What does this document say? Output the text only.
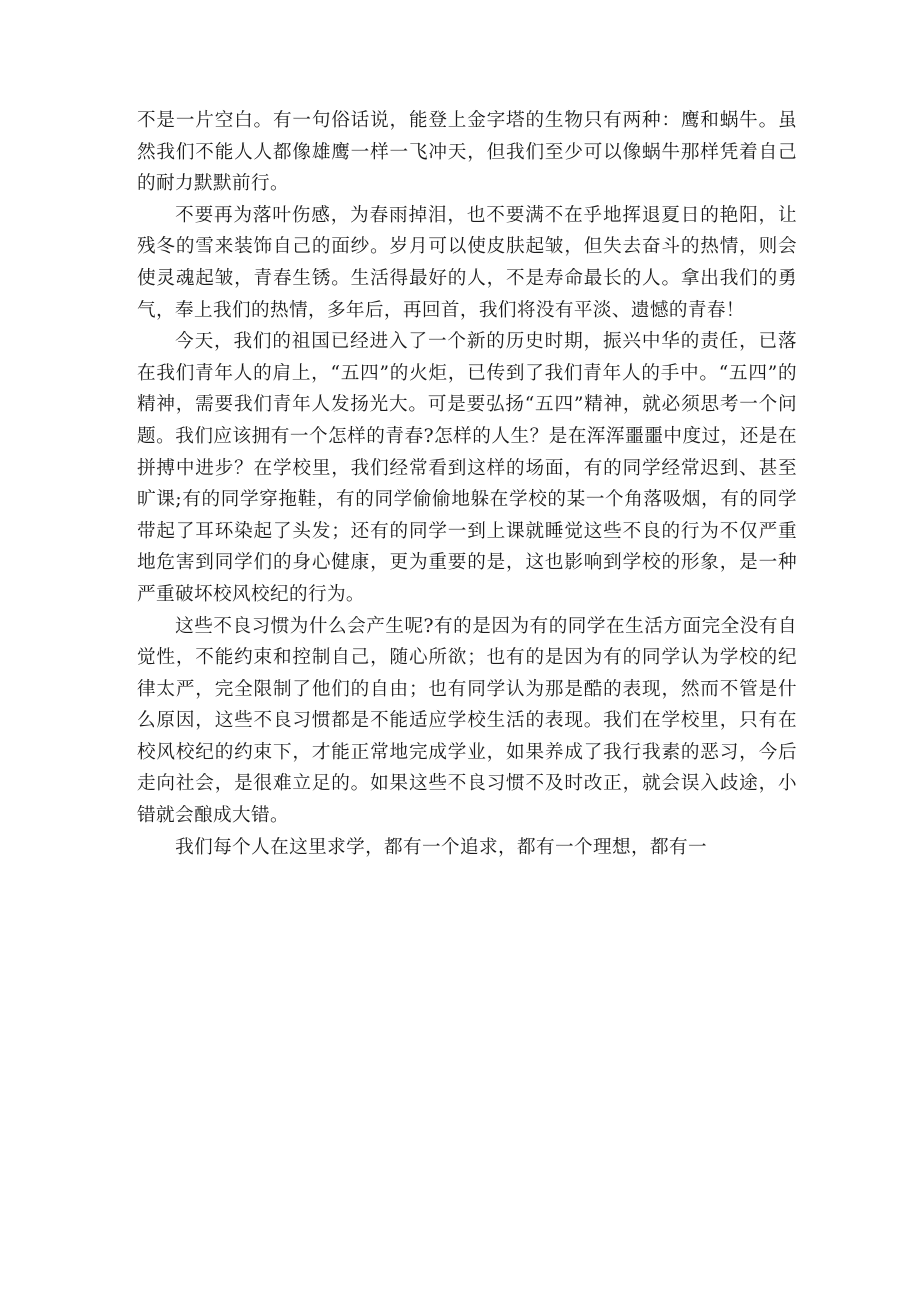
不是一片空白。有一句俗话说，能登上金字塔的生物只有两种：鹰和蜗牛。虽然我们不能人人都像雄鹰一样一飞冲天，但我们至少可以像蜗牛那样凭着自己的耐力默默前行。

不要再为落叶伤感，为春雨掉泪，也不要满不在乎地挥退夏日的艳阳，让残冬的雪来装饰自己的面纱。岁月可以使皮肤起皱，但失去奋斗的热情，则会使灵魂起皱，青春生锈。生活得最好的人，不是寿命最长的人。拿出我们的勇气，奉上我们的热情，多年后，再回首，我们将没有平淡、遗憾的青春！

今天，我们的祖国已经进入了一个新的历史时期，振兴中华的责任，已落在我们青年人的肩上，“五四”的火炬，已传到了我们青年人的手中。“五四”的精神，需要我们青年人发扬光大。可是要弘扬“五四”精神，就必须思考一个问题。我们应该拥有一个怎样的青春?怎样的人生？是在浑浑噩噩中度过，还是在拼搏中进步？在学校里，我们经常看到这样的场面，有的同学经常迟到、甚至旷课;有的同学穿拖鞋，有的同学偷偷地躲在学校的某一个角落吸烟，有的同学带起了耳环染起了头发；还有的同学一到上课就睡觉这些不良的行为不仅严重地危害到同学们的身心健康，更为重要的是，这也影响到学校的形象，是一种严重破坏校风校纪的行为。

这些不良习惯为什么会产生呢?有的是因为有的同学在生活方面完全没有自觉性，不能约束和控制自己，随心所欲；也有的是因为有的同学认为学校的纪律太严，完全限制了他们的自由；也有同学认为那是酷的表现，然而不管是什么原因，这些不良习惯都是不能适应学校生活的表现。我们在学校里，只有在校风校纪的约束下，才能正常地完成学业，如果养成了我行我素的恶习，今后走向社会，是很难立足的。如果这些不良习惯不及时改正，就会误入歧途，小错就会酿成大错。

我们每个人在这里求学，都有一个追求，都有一个理想，都有一
